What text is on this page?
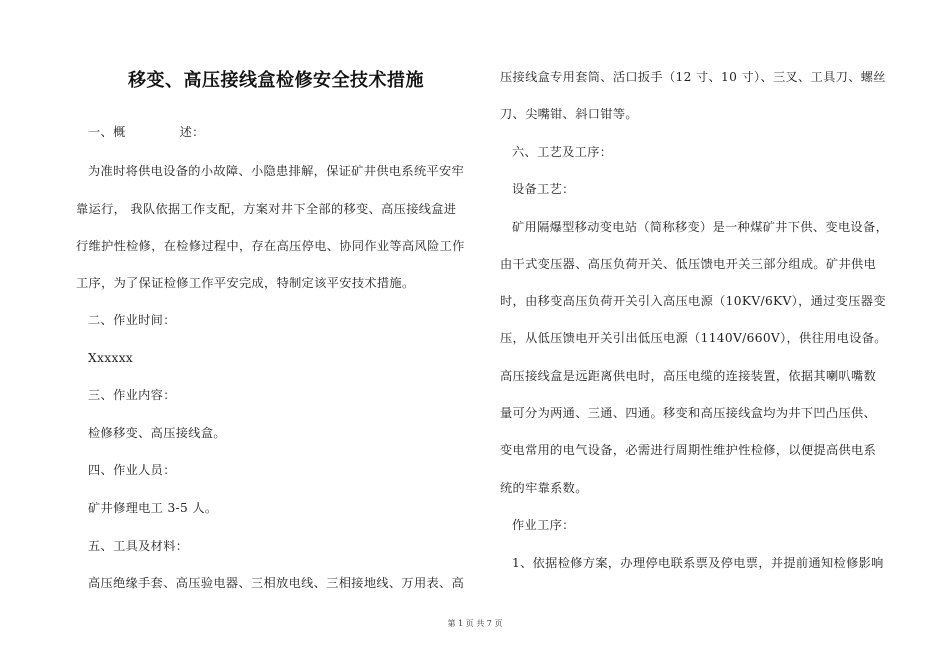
移变、高压接线盒检修安全技术措施
一、概	述：
为准时将供电设备的小故障、小隐患排解，保证矿井供电系统平安牢
靠运行， 我队依据工作支配，方案对井下全部的移变、高压接线盒进
行维护性检修，在检修过程中，存在高压停电、协同作业等高风险工作
工序，为了保证检修工作平安完成，特制定该平安技术措施。
二、作业时间：
Xxxxxx
三、作业内容：
检修移变、高压接线盒。
四、作业人员：
矿井修理电工 3-5 人。
五、工具及材料：
高压绝缘手套、高压验电器、三相放电线、三相接地线、万用表、高
压接线盒专用套筒、活口扳手（12 寸、10 寸）、三叉、工具刀、螺丝
刀、尖嘴钳、斜口钳等。
六、工艺及工序：
设备工艺：
矿用隔爆型移动变电站（简称移变）是一种煤矿井下供、变电设备，
由干式变压器、高压负荷开关、低压馈电开关三部分组成。矿井供电
时，由移变高压负荷开关引入高压电源（10KV/6KV），通过变压器变
压，从低压馈电开关引出低压电源（1140V/660V），供往用电设备。
高压接线盒是远距离供电时，高压电缆的连接装置，依据其喇叭嘴数
量可分为两通、三通、四通。移变和高压接线盒均为井下凹凸压供、
变电常用的电气设备，必需进行周期性维护性检修，以便提高供电系
统的牢靠系数。
作业工序：
1、依据检修方案，办理停电联系票及停电票，并提前通知检修影响
第 1 页 共 7 页
